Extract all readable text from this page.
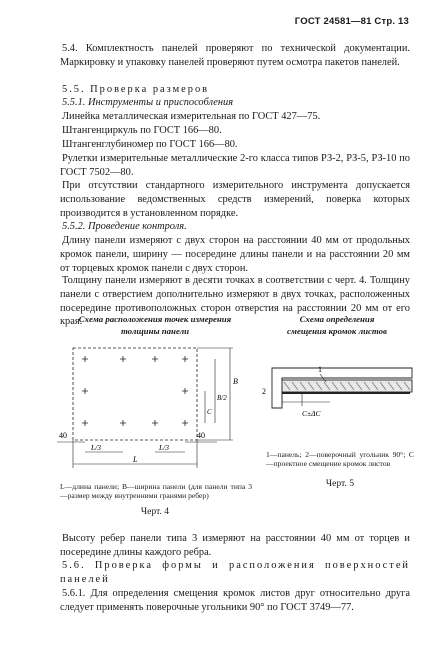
ГОСТ 24581—81 Стр. 13
5.4. Комплектность панелей проверяют по технической документации. Маркировку и упаковку панелей проверяют путем осмотра пакетов панелей.
5.5. Проверка размеров
5.5.1. Инструменты и приспособления
Линейка металлическая измерительная по ГОСТ 427—75.
Штангенциркуль по ГОСТ 166—80.
Штангенглубиномер по ГОСТ 166—80.
Рулетки измерительные металлические 2-го класса типов РЗ-2, РЗ-5, РЗ-10 по ГОСТ 7502—80.
При отсутствии стандартного измерительного инструмента допускается использование ведомственных средств измерений, поверка которых производится в установленном порядке.
5.5.2. Проведение контроля.
Длину панели измеряют с двух сторон на расстоянии 40 мм от продольных кромок панели, ширину — посередине длины панели и на расстоянии 20 мм от торцевых кромок панели с двух сторон.
Толщину панели измеряют в десяти точках в соответствии с черт. 4. Толщину панели с отверстием дополнительно измеряют в двух точках, расположенных посередине противоположных сторон отверстия на расстоянии 20 мм от его края.
Схема расположения точек измерения
толщины панели
B
B/2
C
40	40
L/3	L/3
L
L—длина панели; B—ширина панели (для панели типа 3—размер между внутренними гранями ребер)
Черт. 4
Схема определения
смещения кромок листов
2
1
C±ΔC
1—панель; 2—поверочный угольник 90°; C—проектное смещение кромок листов
Черт. 5
Высоту ребер панели типа 3 измеряют на расстоянии 40 мм от торцев и посередине длины каждого ребра.
5.6. Проверка формы и расположения поверхностей панелей
5.6.1. Для определения смещения кромок листов друг относительно друга следует применять поверочные угольники 90° по ГОСТ 3749—77.
